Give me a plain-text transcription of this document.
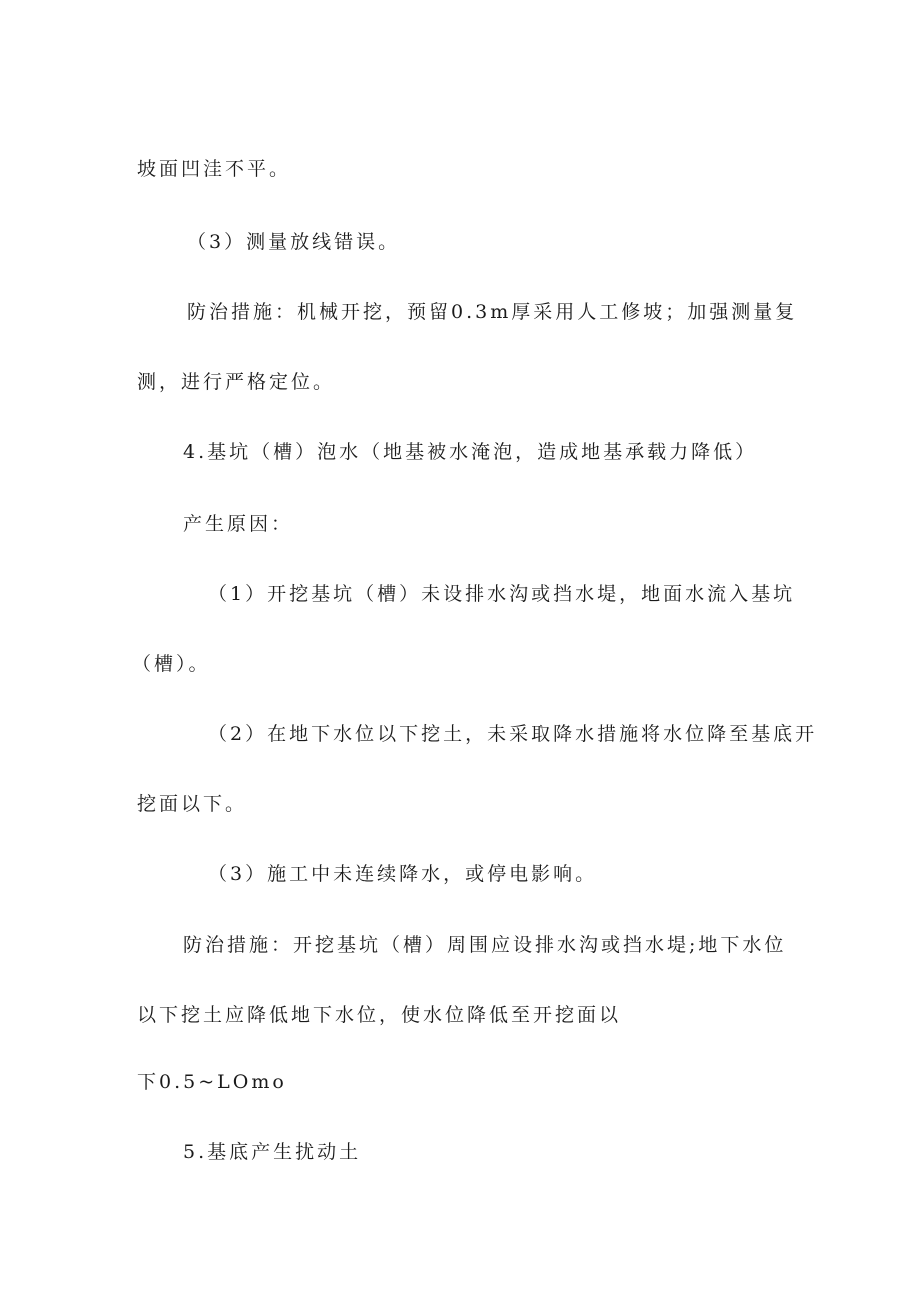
坡面凹洼不平。
（3）测量放线错误。
防治措施：机械开挖，预留0.3m厚采用人工修坡；加强测量复
测，进行严格定位。
4.基坑（槽）泡水（地基被水淹泡，造成地基承载力降低）
产生原因：
（1）开挖基坑（槽）未设排水沟或挡水堤，地面水流入基坑
（槽）。
（2）在地下水位以下挖土，未采取降水措施将水位降至基底开
挖面以下。
（3）施工中未连续降水，或停电影响。
防治措施：开挖基坑（槽）周围应设排水沟或挡水堤;地下水位
以下挖土应降低地下水位，使水位降低至开挖面以
下0.5~LOmo
5.基底产生扰动土
